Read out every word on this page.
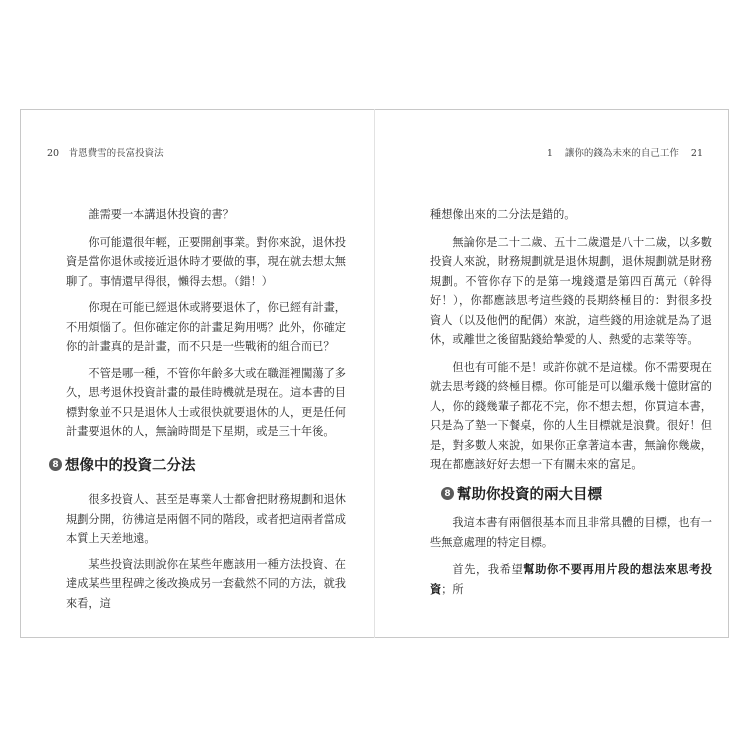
20　肯恩費雪的長富投資法

誰需要一本講退休投資的書？

你可能還很年輕，正要開創事業。對你來說，退休投資是當你退休或接近退休時才要做的事，現在就去想太無聊了。事情還早得很，懶得去想。（錯！）

你現在可能已經退休或將要退休了，你已經有計畫，不用煩惱了。但你確定你的計畫足夠用嗎？此外，你確定你的計畫真的是計畫，而不只是一些戰術的組合而已？

不管是哪一種，不管你年齡多大或在職涯裡闖蕩了多久，思考退休投資計畫的最佳時機就是現在。這本書的目標對象並不只是退休人士或很快就要退休的人，更是任何計畫要退休的人，無論時間是下星期，或是三十年後。

8 想像中的投資二分法

很多投資人、甚至是專業人士都會把財務規劃和退休規劃分開，彷彿這是兩個不同的階段，或者把這兩者當成本質上天差地遠。

某些投資法則說你在某些年應該用一種方法投資、在達成某些里程碑之後改換成另一套截然不同的方法，就我來看，這

1 讓你的錢為未來的自己工作 21

種想像出來的二分法是錯的。

無論你是二十二歲、五十二歲還是八十二歲，以多數投資人來說，財務規劃就是退休規劃，退休規劃就是財務規劃。不管你存下的是第一塊錢還是第四百萬元（幹得好！），你都應該思考這些錢的長期終極目的：對很多投資人（以及他們的配偶）來說，這些錢的用途就是為了退休，或離世之後留點錢給摯愛的人、熱愛的志業等等。

但也有可能不是！或許你就不是這樣。你不需要現在就去思考錢的終極目標。你可能是可以繼承幾十億財富的人，你的錢幾輩子都花不完，你不想去想，你買這本書，只是為了墊一下餐桌，你的人生目標就是浪費。很好！但是，對多數人來說，如果你正拿著這本書，無論你幾歲，現在都應該好好去想一下有關未來的富足。

8 幫助你投資的兩大目標

我這本書有兩個很基本而且非常具體的目標，也有一些無意處理的特定目標。

首先，我希望幫助你不要再用片段的想法來思考投資；所
